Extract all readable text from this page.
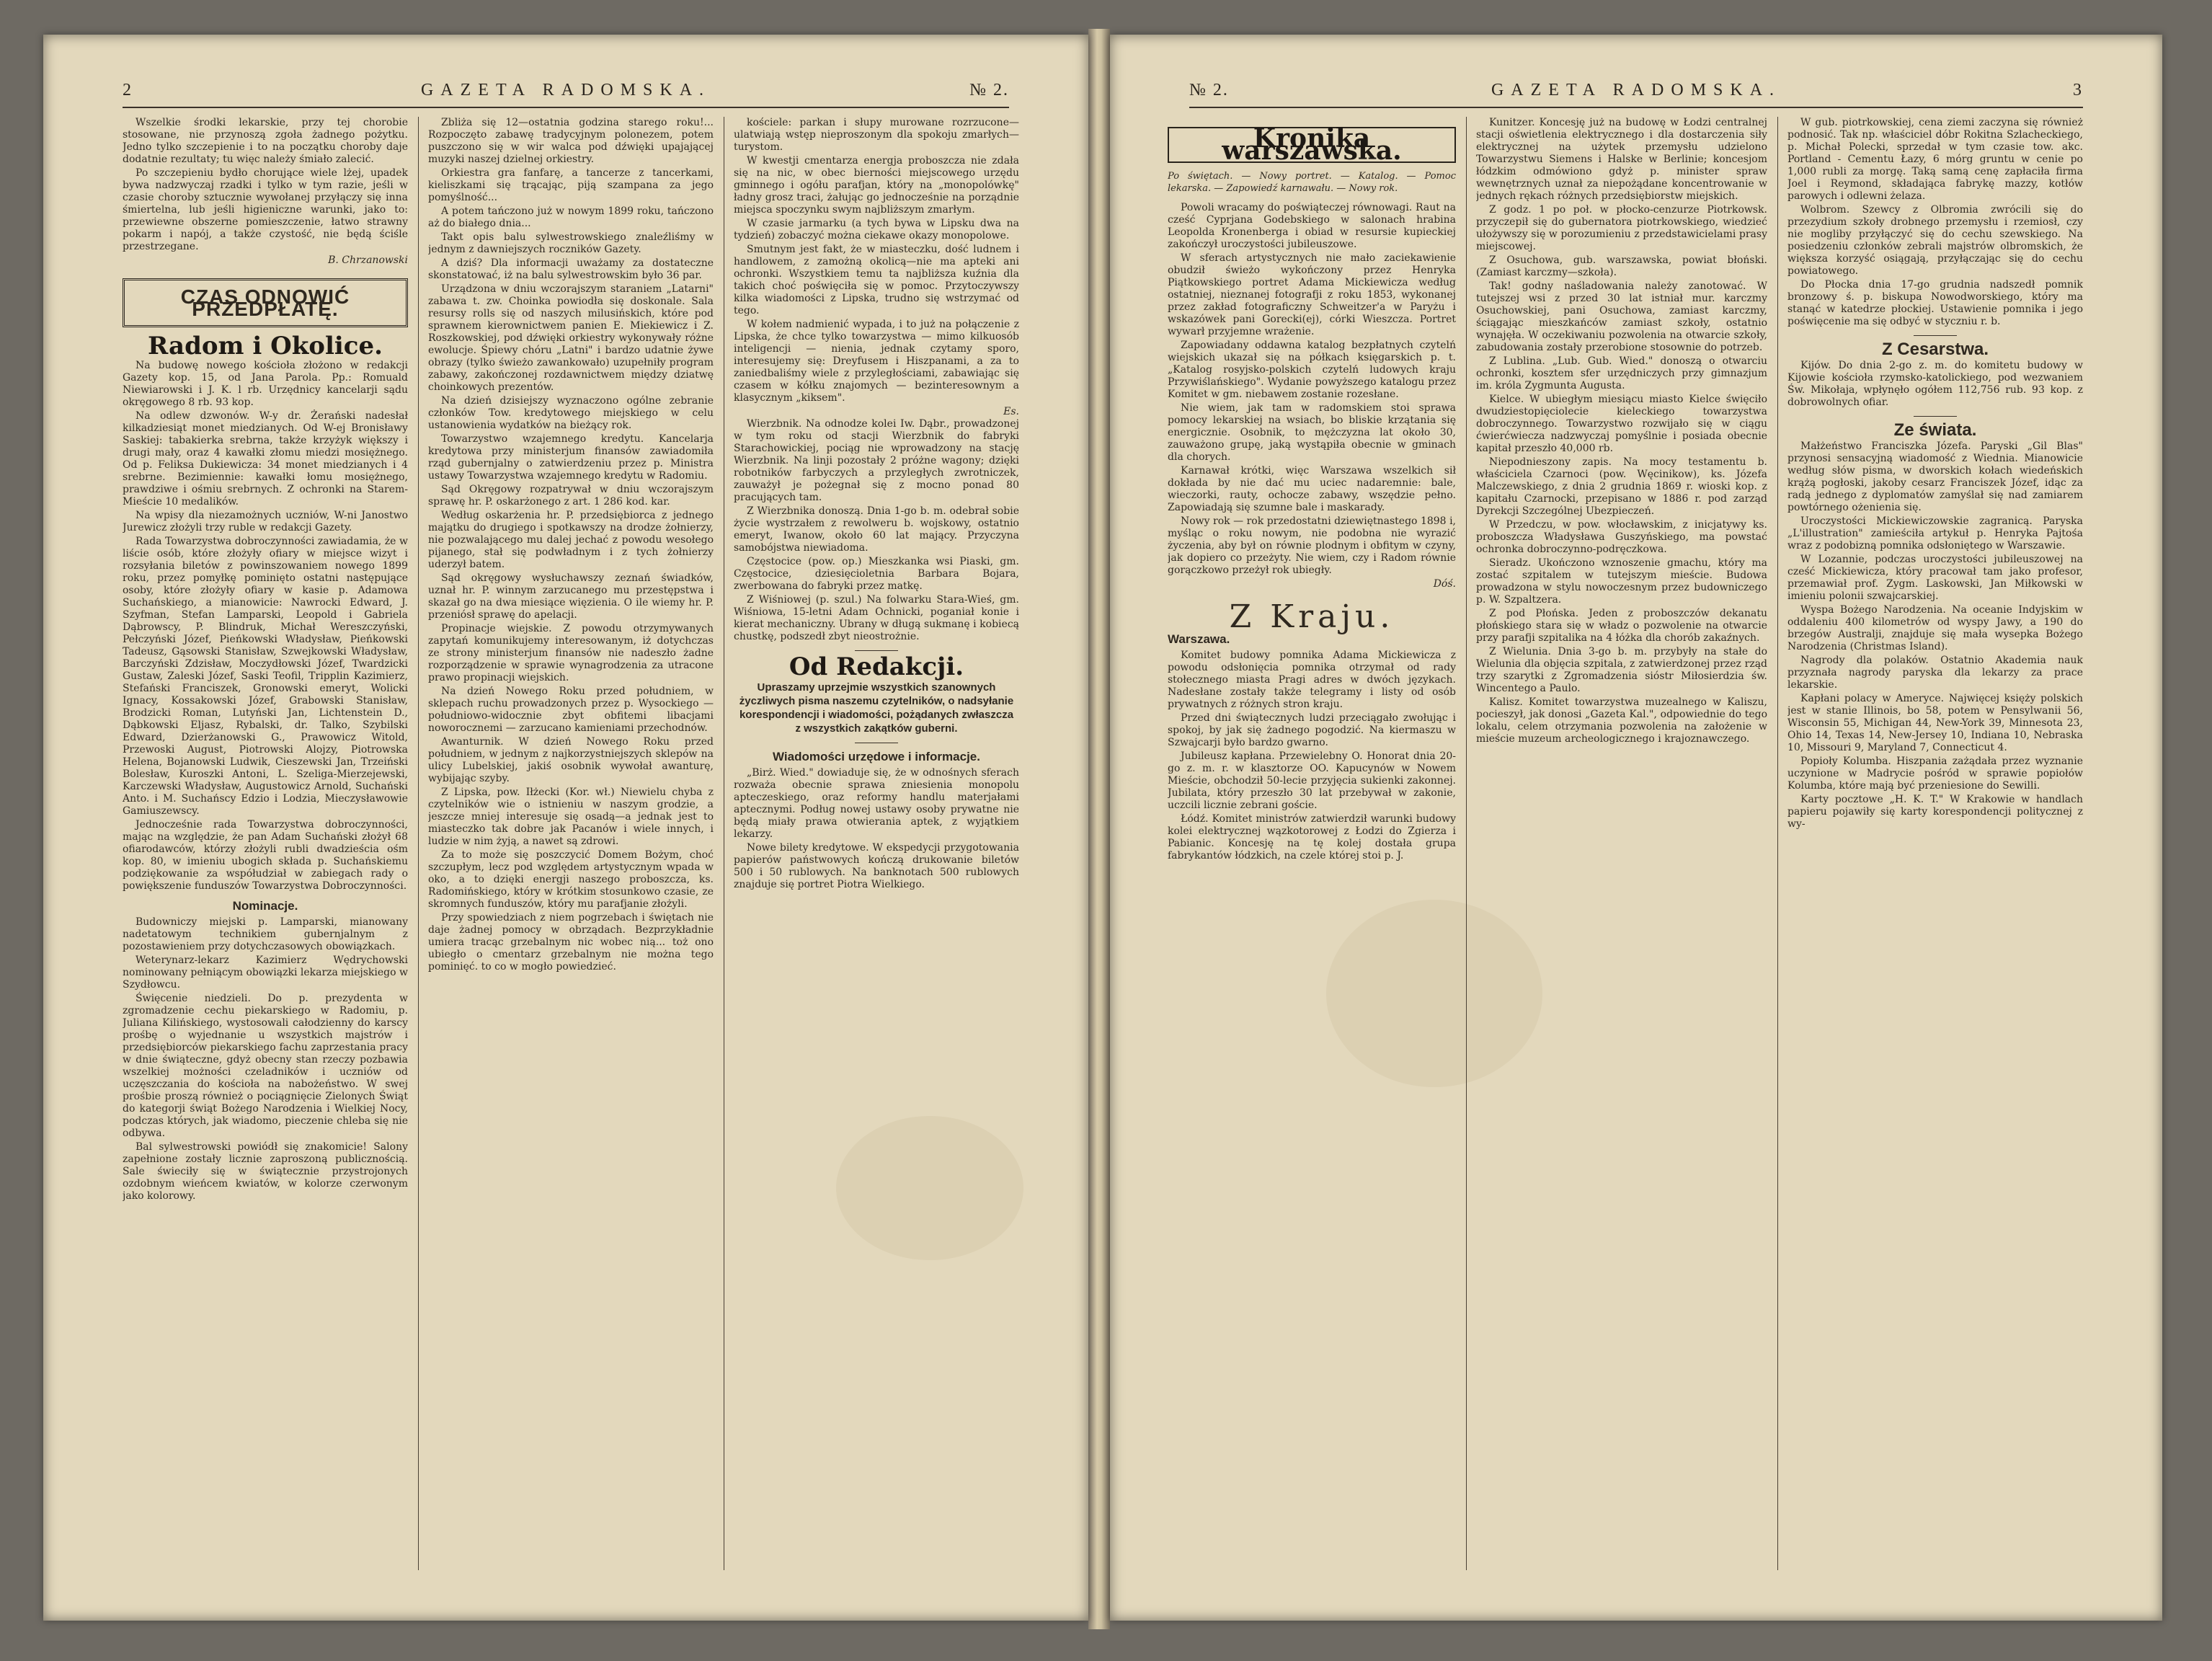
2	GAZETA RADOMSKA.	№ 2.

Wszelkie środki lekarskie, przy tej chorobie stosowane, nie przynoszą zgoła żadnego pożytku. Jedno tylko szczepienie i to na początku choroby daje dodatnie rezultaty; tu więc należy śmiało zalecić.

Po szczepieniu bydło chorujące wiele lżej, upadek bywa nadzwyczaj rzadki i tylko w tym razie, jeśli w czasie choroby sztucznie wywołanej przyłączy się inna śmiertelna, lub jeśli higieniczne warunki, jako to: przewiewne obszerne pomieszczenie, łatwo strawny pokarm i napój, a także czystość, nie będą ściśle przestrzegane.

B. Chrzanowski
CZAS ODNOWIĆ PRZEDPŁATĘ.
Radom i Okolice.

Na budowę nowego kościoła złożono w redakcji Gazety kop. 15, od Jana Parola. Pp.: Romuald Niewiarowski i J. K. l rb. Urzędnicy kancelarji sądu okręgowego 8 rb. 93 kop.

Na odlew dzwonów. W-y dr. Żerański nadesłał kilkadziesiąt monet miedzianych. Od W-ej Bronisławy Saskiej: tabakierka srebrna, także krzyżyk większy i drugi mały, oraz 4 kawałki złomu miedzi mosiężnego. Od p. Feliksa Dukiewicza: 34 monet miedzianych i 4 srebrne. Bezimiennie: kawałki łomu mosiężnego, prawdziwe i ośmiu srebrnych. Z ochronki na Starem-Mieście 10 medalików.

Na wpisy dla niezamożnych uczniów, W-ni Janostwo Jurewicz złożyli trzy ruble w redakcji Gazety.

Rada Towarzystwa dobroczynności zawiadamia, że w liście osób, które złożyły ofiary w miejsce wizyt i rozsyłania biletów z powinszowaniem nowego 1899 roku, przez pomyłkę pominięto ostatni następujące osoby, które złożyły ofiary w kasie p. Adamowa Suchańskiego, a mianowicie: Nawrocki Edward, J. Szyfman, Stefan Lamparski, Leopold i Gabriela Dąbrowscy, P. Blindruk, Michał Wereszczyński, Pełczyński Józef, Pieńkowski Władysław, Pieńkowski Tadeusz, Gąsowski Stanisław, Szwejkowski Władysław, Barczyński Zdzisław, Moczydłowski Józef, Twardzicki Gustaw, Zaleski Józef, Saski Teofil, Tripplin Kazimierz, Stefański Franciszek, Gronowski emeryt, Wolicki Ignacy, Kossakowski Józef, Grabowski Stanisław, Brodzicki Roman, Lutyński Jan, Lichtenstein D., Dąbkowski Eljasz, Rybalski, dr. Talko, Szybilski Edward, Dzierżanowski G., Prawowicz Witold, Przewoski August, Piotrowski Alojzy, Piotrowska Helena, Bojanowski Ludwik, Cieszewski Jan, Trzeiński Bolesław, Kuroszki Antoni, L. Szeliga-Mierzejewski, Karczewski Władysław, Augustowicz Arnold, Suchański Anto. i M. Suchańscy Edzio i Lodzia, Mieczysławowie Gamiuszewscy.

Jednocześnie rada Towarzystwa dobroczynności, mając na względzie, że pan Adam Suchański złożył 68 ofiarodawców, którzy złożyli rubli dwadzieścia ośm kop. 80, w imieniu ubogich składa p. Suchańskiemu podziękowanie za współudział w zabiegach rady o powiększenie funduszów Towarzystwa Dobroczynności.

Nominacje.

Budowniczy miejski p. Lamparski, mianowany nadetatowym technikiem gubernjalnym z pozostawieniem przy dotychczasowych obowiązkach.

Weterynarz-lekarz Kazimierz Wędrychowski nominowany pełniącym obowiązki lekarza miejskiego w Szydłowcu.

Święcenie niedzieli. Do p. prezydenta w zgromadzenie cechu piekarskiego w Radomiu, p. Juliana Kilińskiego, wystosowali całodzienny do karscy prośbę o wyjednanie u wszystkich majstrów i przedsiębiorców piekarskiego fachu zaprzestania pracy w dnie świąteczne, gdyż obecny stan rzeczy pozbawia wszelkiej możności czeladników i uczniów od uczęszczania do kościoła na nabożeństwo. W swej prośbie proszą również o pociągnięcie Zielonych Świąt do kategorji świąt Bożego Narodzenia i Wielkiej Nocy, podczas których, jak wiadomo, pieczenie chleba się nie odbywa.

Bal sylwestrowski powiódł się znakomicie! Salony zapełnione zostały licznie zaproszoną publicznością. Sale świeciły się w świątecznie przystrojonych ozdobnym wieńcem kwiatów, w kolorze czerwonym jako kolorowy.

Zbliża się 12—ostatnia godzina starego roku!... Rozpoczęto zabawę tradycyjnym polonezem, potem puszczono się w wir walca pod dźwięki upajającej muzyki naszej dzielnej orkiestry.

Orkiestra gra fanfarę, a tancerze z tancerkami, kieliszkami się trącając, piją szampana za jego pomyślność...

A potem tańczono już w nowym 1899 roku, tańczono aż do białego dnia...

Takt opis balu sylwestrowskiego znaleźliśmy w jednym z dawniejszych roczników Gazety.

A dziś? Dla informacji uważamy za dostateczne skonstatować, iż na balu sylwestrowskim było 36 par.

Urządzona w dniu wczorajszym staraniem „Latarni" zabawa t. zw. Choinka powiodła się doskonale. Sala resursy rolls się od naszych milusińskich, które pod sprawnem kierownictwem panien E. Miekiewicz i Z. Roszkowskiej, pod dźwięki orkiestry wykonywały różne ewolucje. Śpiewy chóru „Latni" i bardzo udatnie żywe obrazy (tylko świeżo zawankowało) uzupełniły program zabawy, zakończonej rozdawnictwem między dziatwę choinkowych prezentów.

Na dzień dzisiejszy wyznaczono ogólne zebranie członków Tow. kredytowego miejskiego w celu ustanowienia wydatków na bieżący rok.

Towarzystwo wzajemnego kredytu. Kancelarja kredytowa przy ministerjum finansów zawiadomiła rząd gubernjalny o zatwierdzeniu przez p. Ministra ustawy Towarzystwa wzajemnego kredytu w Radomiu.

Sąd Okręgowy rozpatrywał w dniu wczorajszym sprawę hr. P. oskarżonego z art. 1 286 kod. kar.

Według oskarżenia hr. P. przedsiębiorca z jednego majątku do drugiego i spotkawszy na drodze żołnierzy, nie pozwalającego mu dalej jechać z powodu wesołego pijanego, stał się podwładnym i z tych żołnierzy uderzył batem.

Sąd okręgowy wysłuchawszy zeznań świadków, uznał hr. P. winnym zarzucanego mu przestępstwa i skazał go na dwa miesiące więzienia. O ile wiemy hr. P. przeniósł sprawę do apelacji.

Propinacje wiejskie. Z powodu otrzymywanych zapytań komunikujemy interesowanym, iż dotychczas ze strony ministerjum finansów nie nadeszło żadne rozporządzenie w sprawie wynagrodzenia za utracone prawo propinacji wiejskich.

Na dzień Nowego Roku przed południem, w sklepach ruchu prowadzonych przez p. Wysockiego —południowo-widocznie zbyt obfitemi libacjami noworocznemi — zarzucano kamieniami przechodnów.

Awanturnik. W dzień Nowego Roku przed południem, w jednym z najkorzystniejszych sklepów na ulicy Lubelskiej, jakiś osobnik wywołał awanturę, wybijając szyby.

Z Lipska, pow. Iłżecki (Kor. wł.) Niewielu chyba z czytelników wie o istnieniu w naszym grodzie, a jeszcze mniej interesuje się osadą—a jednak jest to miasteczko tak dobre jak Pacanów i wiele innych, i ludzie w nim żyją, a nawet są zdrowi.

Za to może się poszczycić Domem Bożym, choć szczupłym, lecz pod względem artystycznym wpada w oko, a to dzięki energji naszego proboszcza, ks. Radomińskiego, który w krótkim stosunkowo czasie, ze skromnych funduszów, który mu parafjanie złożyli.

Przy spowiedziach z niem pogrzebach i świętach nie daje żadnej pomocy w obrządach. Bezprzykładnie umiera tracąc grzebalnym nic wobec nią... toż ono ubiegło o cmentarz grzebalnym nie można tego pominięć. to co w mogło powiedzieć.

kościele: parkan i słupy murowane rozrzucone—ulatwiają wstęp nieproszonym dla spokoju zmarłych—turystom.

W kwestji cmentarza energja proboszcza nie zdała się na nic, w obec bierności miejscowego urzędu gminnego i ogółu parafjan, który na „monopolówkę" ładny grosz traci, żałując go jednocześnie na porządnie miejsca spoczynku swym najbliższym zmarłym.

W czasie jarmarku (a tych bywa w Lipsku dwa na tydzień) zobaczyć można ciekawe okazy monopolowe.

Smutnym jest fakt, że w miasteczku, dość ludnem i handlowem, z zamożną okolicą—nie ma apteki ani ochronki. Wszystkiem temu ta najbliższa kuźnia dla takich choć poświęciła się w pomoc. Przytoczywszy kilka wiadomości z Lipska, trudno się wstrzymać od tego.

W kołem nadmienić wypada, i to już na połączenie z Lipska, że chce tylko towarzystwa — mimo kilkuosób inteligencji — nienia, jednak czytamy sporo, interesujemy się: Dreyfusem i Hiszpanami, a za to zaniedbaliśmy wiele z przyległościami, zabawiając się czasem w kółku znajomych — bezinteresownym a klasycznym „kiksem".

Es.

Wierzbnik. Na odnodze kolei Iw. Dąbr., prowadzonej w tym roku od stacji Wierzbnik do fabryki Starachowickiej, pociąg nie wprowadzony na stację Wierzbnik. Na linji pozostały 2 próżne wagony; dzięki robotników farbyczych a przyległych zwrotniczek, zauważył je pożegnał się z mocno ponad 80 pracujących tam.

Z Wierzbnika donoszą. Dnia 1-go b. m. odebrał sobie życie wystrzałem z rewolweru b. wojskowy, ostatnio emeryt, Iwanow, około 60 lat mający. Przyczyna samobójstwa niewiadoma.

Częstocice (pow. op.) Mieszkanka wsi Piaski, gm. Częstocice, dziesięcioletnia Barbara Bojara, zwerbowana do fabryki przez matkę.

Z Wiśniowej (p. szul.) Na folwarku Stara-Wieś, gm. Wiśniowa, 15-letni Adam Ochnicki, poganiał konie i kierat mechaniczny. Ubrany w długą sukmanę i kobiecą chustkę, podszedł zbyt nieostrożnie.

Od Redakcji.
Upraszamy uprzejmie wszystkich szanownych życzliwych pisma naszemu czytelników, o nadsyłanie korespondencji i wiadomości, pożądanych zwłaszcza z wszystkich zakątków guberni.
Wiadomości urzędowe i informacje.

„Birż. Wied." dowiaduje się, że w odnośnych sferach rozważa obecnie sprawa zniesienia monopolu apteczeskiego, oraz reformy handlu materjałami aptecznymi. Podług nowej ustawy osoby prywatne nie będą miały prawa otwierania aptek, z wyjątkiem lekarzy.

Nowe bilety kredytowe. W ekspedycji przygotowania papierów państwowych kończą drukowanie biletów 500 i 50 rublowych. Na banknotach 500 rublowych znajduje się portret Piotra Wielkiego.

№ 2.	GAZETA RADOMSKA.	3
Kronika warszawska.
Po świętach. — Nowy portret. — Katalog. — Pomoc lekarska. — Zapowiedź karnawału. — Nowy rok.

Powoli wracamy do poświąteczej równowagi. Raut na cześć Cyprjana Godebskiego w salonach hrabina Leopolda Kronenberga i obiad w resursie kupieckiej zakończył uroczystości jubileuszowe.

W sferach artystycznych nie mało zaciekawienie obudził świeżo wykończony przez Henryka Piątkowskiego portret Adama Mickiewicza według ostatniej, nieznanej fotografji z roku 1853, wykonanej przez zakład fotograficzny Schweitzer'a w Paryżu i wskazówek pani Gorecki(ej), córki Wieszcza. Portret wywarł przyjemne wrażenie.

Zapowiadany oddawna katalog bezpłatnych czytelń wiejskich ukazał się na półkach księgarskich p. t. „Katalog rosyjsko-polskich czytelń ludowych kraju Przywiślańskiego". Wydanie powyższego katalogu przez Komitet w gm. niebawem zostanie rozesłane.

Nie wiem, jak tam w radomskiem stoi sprawa pomocy lekarskiej na wsiach, bo bliskie krzątania się energicznie. Osobnik, to mężczyzna lat około 30, zauważono grupę, jaką wystąpiła obecnie w gminach dla chorych.

Karnawał krótki, więc Warszawa wszelkich sił dokłada by nie dać mu uciec nadaremnie: bale, wieczorki, rauty, ochocze zabawy, wszędzie pełno. Zapowiadają się szumne bale i maskarady.

Nowy rok — rok przedostatni dziewiętnastego 1898 i, myśląc o roku nowym, nie podobna nie wyrazić życzenia, aby był on równie plodnym i obfitym w czyny, jak dopiero co przeżyty. Nie wiem, czy i Radom równie gorączkowo przeżył rok ubiegły.

Dóś.
Z Kraju.
Warszawa.

Komitet budowy pomnika Adama Mickiewicza z powodu odsłonięcia pomnika otrzymał od rady stołecznego miasta Pragi adres w dwóch językach. Nadesłane zostały także telegramy i listy od osób prywatnych z różnych stron kraju.

Przed dni świątecznych ludzi przeciągało zwołując i spokoj, by jak się żadnego pogodzić. Na kiermaszu w Szwajcarji było bardzo gwarno.

Jubileusz kapłana. Przewielebny O. Honorat dnia 20-go z. m. r. w klasztorze OO. Kapucynów w Nowem Mieście, obchodził 50-lecie przyjęcia sukienki zakonnej. Jubilata, który przeszło 30 lat przebywał w zakonie, uczcili licznie zebrani goście.

Łódź. Komitet ministrów zatwierdził warunki budowy kolei elektrycznej wązkotorowej z Łodzi do Zgierza i Pabianic. Koncesję na tę kolej dostała grupa fabrykantów łódzkich, na czele której stoi p. J.

Kunitzer. Koncesję już na budowę w Łodzi centralnej stacji oświetlenia elektrycznego i dla dostarczenia siły elektrycznej na użytek przemysłu udzielono Towarzystwu Siemens i Halske w Berlinie; koncesjom łódzkim odmówiono gdyż p. minister spraw wewnętrznych uznał za niepożądane koncentrowanie w jednych rękach różnych przedsiębiorstw miejskich.

Z godz. 1 po poł. w płocko-cenzurze Piotrkowsk. przyczepił się do gubernatora piotrkowskiego, wiedzieć ułożywszy się w porozumieniu z przedstawicielami prasy miejscowej.

Z Osuchowa, gub. warszawska, powiat błoński. (Zamiast karczmy—szkoła).

Tak! godny naśladowania należy zanotować. W tutejszej wsi z przed 30 lat istniał mur. karczmy Osuchowskiej, pani Osuchowa, zamiast karczmy, ściągając mieszkańców zamiast szkoły, ostatnio wynajęła. W oczekiwaniu pozwolenia na otwarcie szkoły, zabudowania zostały przerobione stosownie do potrzeb.

Z Lublina. „Lub. Gub. Wied." donoszą o otwarciu ochronki, kosztem sfer urzędniczych przy gimnazjum im. króla Zygmunta Augusta.

Kielce. W ubiegłym miesiącu miasto Kielce święciło dwudziestopięciolecie kieleckiego towarzystwa dobroczynnego. Towarzystwo rozwijało się w ciągu ćwierćwiecza nadzwyczaj pomyślnie i posiada obecnie kapitał przeszło 40,000 rb.

Niepodnieszony zapis. Na mocy testamentu b. właściciela Czarnoci (pow. Węcinikow), ks. Józefa Malczewskiego, z dnia 2 grudnia 1869 r. wioski kop. z kapitału Czarnocki, przepisano w 1886 r. pod zarząd Dyrekcji Szczególnej Ubezpieczeń.

W Przedczu, w pow. włocławskim, z inicjatywy ks. proboszcza Władysława Guszyńskiego, ma powstać ochronka dobroczynno-podręczkowa.

Sieradz. Ukończono wznoszenie gmachu, który ma zostać szpitalem w tutejszym mieście. Budowa prowadzona w stylu nowoczesnym przez budowniczego p. W. Szpaltzera.

Z pod Płońska. Jeden z proboszczów dekanatu płońskiego stara się w władz o pozwolenie na otwarcie przy parafji szpitalika na 4 łóżka dla chorób zakaźnych.

Z Wielunia. Dnia 3-go b. m. przybyły na stałe do Wielunia dla objęcia szpitala, z zatwierdzonej przez rząd trzy szarytki z Zgromadzenia sióstr Miłosierdzia św. Wincentego a Paulo.

Kalisz. Komitet towarzystwa muzealnego w Kaliszu, pocieszył, jak donosi „Gazeta Kal.", odpowiednie do tego lokalu, celem otrzymania pozwolenia na założenie w mieście muzeum archeologicznego i krajoznawczego.

W gub. piotrkowskiej, cena ziemi zaczyna się również podnosić. Tak np. właściciel dóbr Rokitna Szlacheckiego, p. Michał Polecki, sprzedał w tym czasie tow. akc. Portland - Cementu Łazy, 6 mórg gruntu w cenie po 1,000 rubli za morgę. Taką samą cenę zapłaciła firma Joel i Reymond, składająca fabrykę mazzy, kotłów parowych i odlewni żelaza.

Wolbrom. Szewcy z Olbromia zwrócili się do przezydium szkoły drobnego przemysłu i rzemiosł, czy nie mogliby przyłączyć się do cechu szewskiego. Na posiedzeniu członków zebrali majstrów olbromskich, że większa korzyść osiągają, przyłączając się do cechu powiatowego.

Do Płocka dnia 17-go grudnia nadszedł pomnik bronzowy ś. p. biskupa Nowodworskiego, który ma stanąć w katedrze płockiej. Ustawienie pomnika i jego poświęcenie ma się odbyć w styczniu r. b.

Z Cesarstwa.

Kijów. Do dnia 2-go z. m. do komitetu budowy w Kijowie kościoła rzymsko-katolickiego, pod wezwaniem Św. Mikołaja, wpłynęło ogółem 112,756 rub. 93 kop. z dobrowolnych ofiar.

Ze świata.

Małżeństwo Franciszka Józefa. Paryski „Gil Blas" przynosi sensacyjną wiadomość z Wiednia. Mianowicie według słów pisma, w dworskich kołach wiedeńskich krążą pogłoski, jakoby cesarz Franciszek Józef, idąc za radą jednego z dyplomatów zamyślał się nad zamiarem powtórnego ożenienia się.

Uroczystości Mickiewiczowskie zagranicą. Paryska „L'illustration" zamieściła artykuł p. Henryka Pajtośa wraz z podobizną pomnika odsłoniętego w Warszawie.

W Lozannie, podczas uroczystości jubileuszowej na cześć Mickiewicza, który pracował tam jako profesor, przemawiał prof. Zygm. Laskowski, Jan Miłkowski w imieniu polonii szwajcarskiej.

Wyspa Bożego Narodzenia. Na oceanie Indyjskim w oddaleniu 400 kilometrów od wyspy Jawy, a 190 do brzegów Australji, znajduje się mała wysepka Bożego Narodzenia (Christmas Island).

Nagrody dla polaków. Ostatnio Akademia nauk przyznała nagrody paryska dla lekarzy za prace lekarskie.

Kapłani polacy w Ameryce. Najwięcej księży polskich jest w stanie Illinois, bo 58, potem w Pensylwanii 56, Wisconsin 55, Michigan 44, New-York 39, Minnesota 23, Ohio 14, Texas 14, New-Jersey 10, Indiana 10, Nebraska 10, Missouri 9, Maryland 7, Connecticut 4.

Popioły Kolumba. Hiszpania zażądała przez wyznanie uczynione w Madrycie pośród w sprawie popiołów Kolumba, które mają być przeniesione do Sewilli.

Karty pocztowe „H. K. T." W Krakowie w handlach papieru pojawiły się karty korespondencji politycznej z wy-
